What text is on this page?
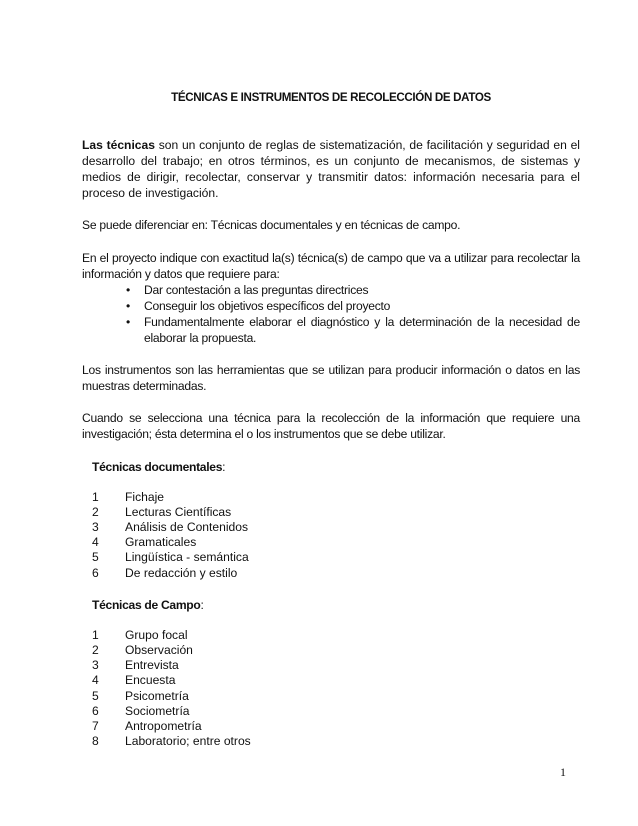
TÉCNICAS E INSTRUMENTOS DE RECOLECCIÓN DE DATOS

Las técnicas son un conjunto de reglas de sistematización, de facilitación y seguridad en el desarrollo del trabajo; en otros términos, es un conjunto de mecanismos, de sistemas y medios de dirigir, recolectar, conservar y transmitir datos: información necesaria para el proceso de investigación.

Se puede diferenciar en: Técnicas documentales y en técnicas de campo.

En el proyecto indique con exactitud la(s) técnica(s) de campo que va a utilizar para recolectar la información y datos que requiere para:

• Dar contestación a las preguntas directrices
• Conseguir los objetivos específicos del proyecto
• Fundamentalmente elaborar el diagnóstico y la determinación de la necesidad de elaborar la propuesta.

Los instrumentos son las herramientas que se utilizan para producir información o datos en las muestras determinadas.

Cuando se selecciona una técnica para la recolección de la información que requiere una investigación; ésta determina el o los instrumentos que se debe utilizar.

Técnicas documentales:
1	Fichaje
2	Lecturas Científicas
3	Análisis de Contenidos
4	Gramaticales
5	Lingüística - semántica
6	De redacción y estilo
Técnicas de Campo:
1	Grupo focal
2	Observación
3	Entrevista
4	Encuesta
5	Psicometría
6	Sociometría
7	Antropometría
8	Laboratorio; entre otros
1
